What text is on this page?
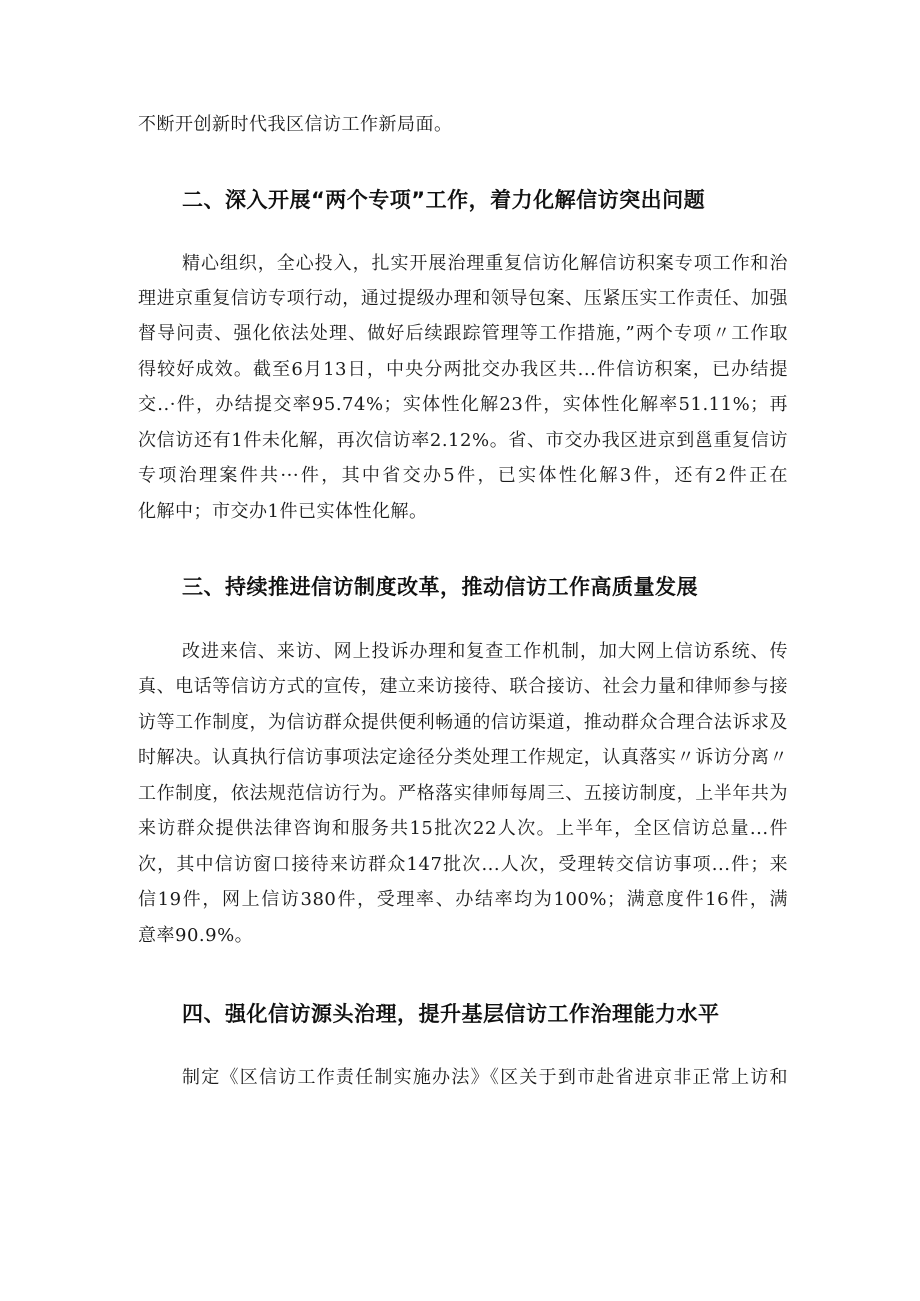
不断开创新时代我区信访工作新局面。
二、深入开展“两个专项”工作，着力化解信访突出问题
精心组织，全心投入，扎实开展治理重复信访化解信访积案专项工作和治
理进京重复信访专项行动，通过提级办理和领导包案、压紧压实工作责任、加强
督导问责、强化依法处理、做好后续跟踪管理等工作措施，”两个专项〃工作取
得较好成效。截至6月13日，中央分两批交办我区共...件信访积案，已办结提
交..·件，办结提交率95.74%；实体性化解23件，实体性化解率51.11%；再
次信访还有1件未化解，再次信访率2.12%。省、市交办我区进京到邕重复信访
专项治理案件共···件，其中省交办5件，已实体性化解3件，还有2件正在
化解中；市交办1件已实体性化解。
三、持续推进信访制度改革，推动信访工作高质量发展
改进来信、来访、网上投诉办理和复查工作机制，加大网上信访系统、传
真、电话等信访方式的宣传，建立来访接待、联合接访、社会力量和律师参与接
访等工作制度，为信访群众提供便利畅通的信访渠道，推动群众合理合法诉求及
时解决。认真执行信访事项法定途径分类处理工作规定，认真落实〃诉访分离〃
工作制度，依法规范信访行为。严格落实律师每周三、五接访制度，上半年共为
来访群众提供法律咨询和服务共15批次22人次。上半年，全区信访总量...件
次，其中信访窗口接待来访群众147批次...人次，受理转交信访事项...件；来
信19件，网上信访380件，受理率、办结率均为100%；满意度件16件，满
意率90.9%。
四、强化信访源头治理，提升基层信访工作治理能力水平
制定《区信访工作责任制实施办法》《区关于到市赴省进京非正常上访和
